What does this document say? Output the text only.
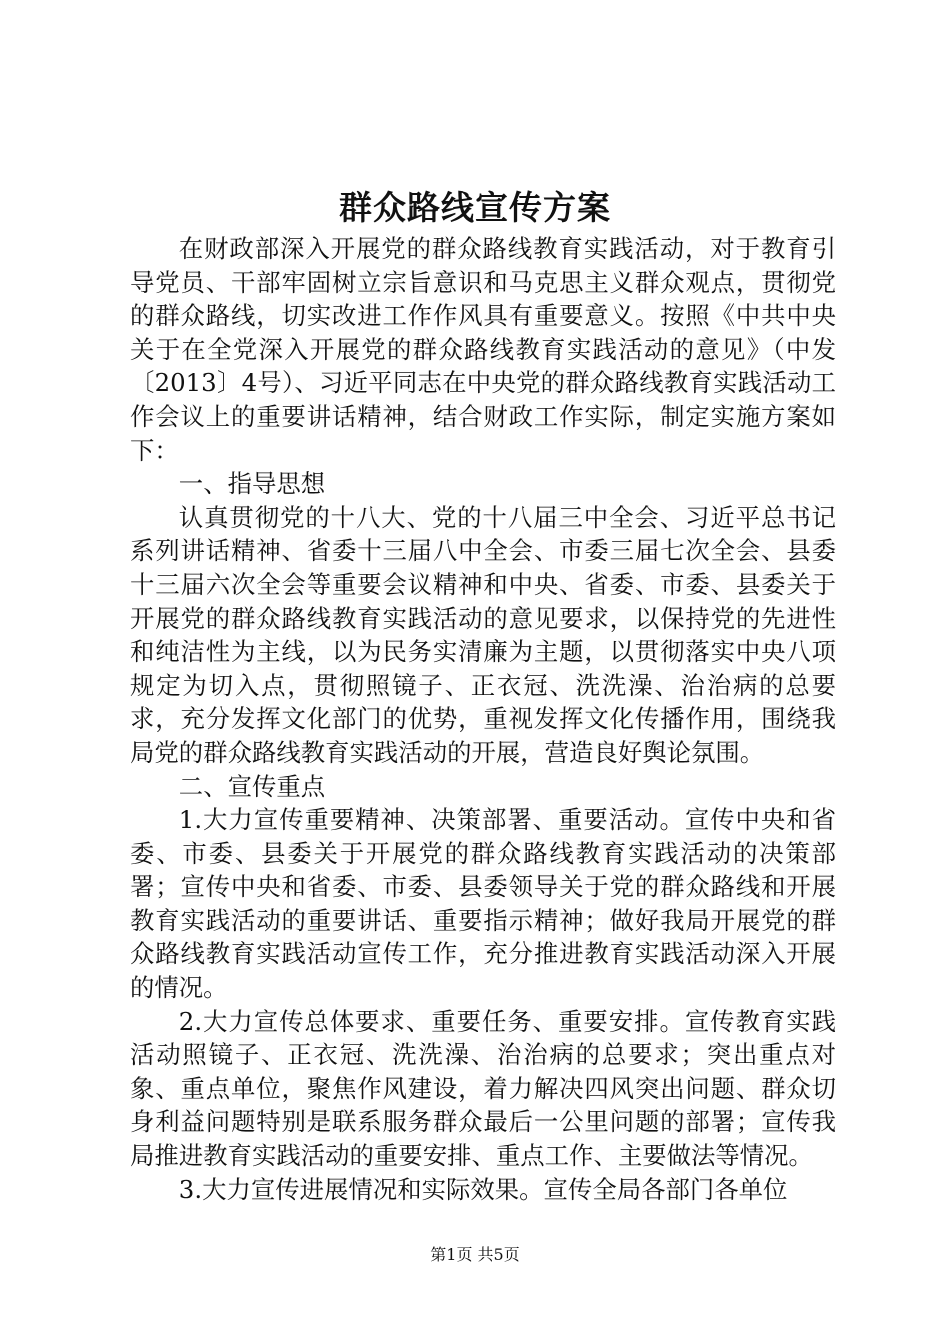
群众路线宣传方案

在财政部深入开展党的群众路线教育实践活动，对于教育引导党员、干部牢固树立宗旨意识和马克思主义群众观点，贯彻党的群众路线，切实改进工作作风具有重要意义。按照《中共中央关于在全党深入开展党的群众路线教育实践活动的意见》（中发〔2013〕4号）、习近平同志在中央党的群众路线教育实践活动工作会议上的重要讲话精神，结合财政工作实际，制定实施方案如下：

一、指导思想

认真贯彻党的十八大、党的十八届三中全会、习近平总书记系列讲话精神、省委十三届八中全会、市委三届七次全会、县委十三届六次全会等重要会议精神和中央、省委、市委、县委关于开展党的群众路线教育实践活动的意见要求，以保持党的先进性和纯洁性为主线，以为民务实清廉为主题，以贯彻落实中央八项规定为切入点，贯彻照镜子、正衣冠、洗洗澡、治治病的总要求，充分发挥文化部门的优势，重视发挥文化传播作用，围绕我局党的群众路线教育实践活动的开展，营造良好舆论氛围。

二、宣传重点

1.大力宣传重要精神、决策部署、重要活动。宣传中央和省委、市委、县委关于开展党的群众路线教育实践活动的决策部署；宣传中央和省委、市委、县委领导关于党的群众路线和开展教育实践活动的重要讲话、重要指示精神；做好我局开展党的群众路线教育实践活动宣传工作，充分推进教育实践活动深入开展的情况。

2.大力宣传总体要求、重要任务、重要安排。宣传教育实践活动照镜子、正衣冠、洗洗澡、治治病的总要求；突出重点对象、重点单位，聚焦作风建设，着力解决四风突出问题、群众切身利益问题特别是联系服务群众最后一公里问题的部署；宣传我局推进教育实践活动的重要安排、重点工作、主要做法等情况。

3.大力宣传进展情况和实际效果。宣传全局各部门各单位

第1页 共5页
